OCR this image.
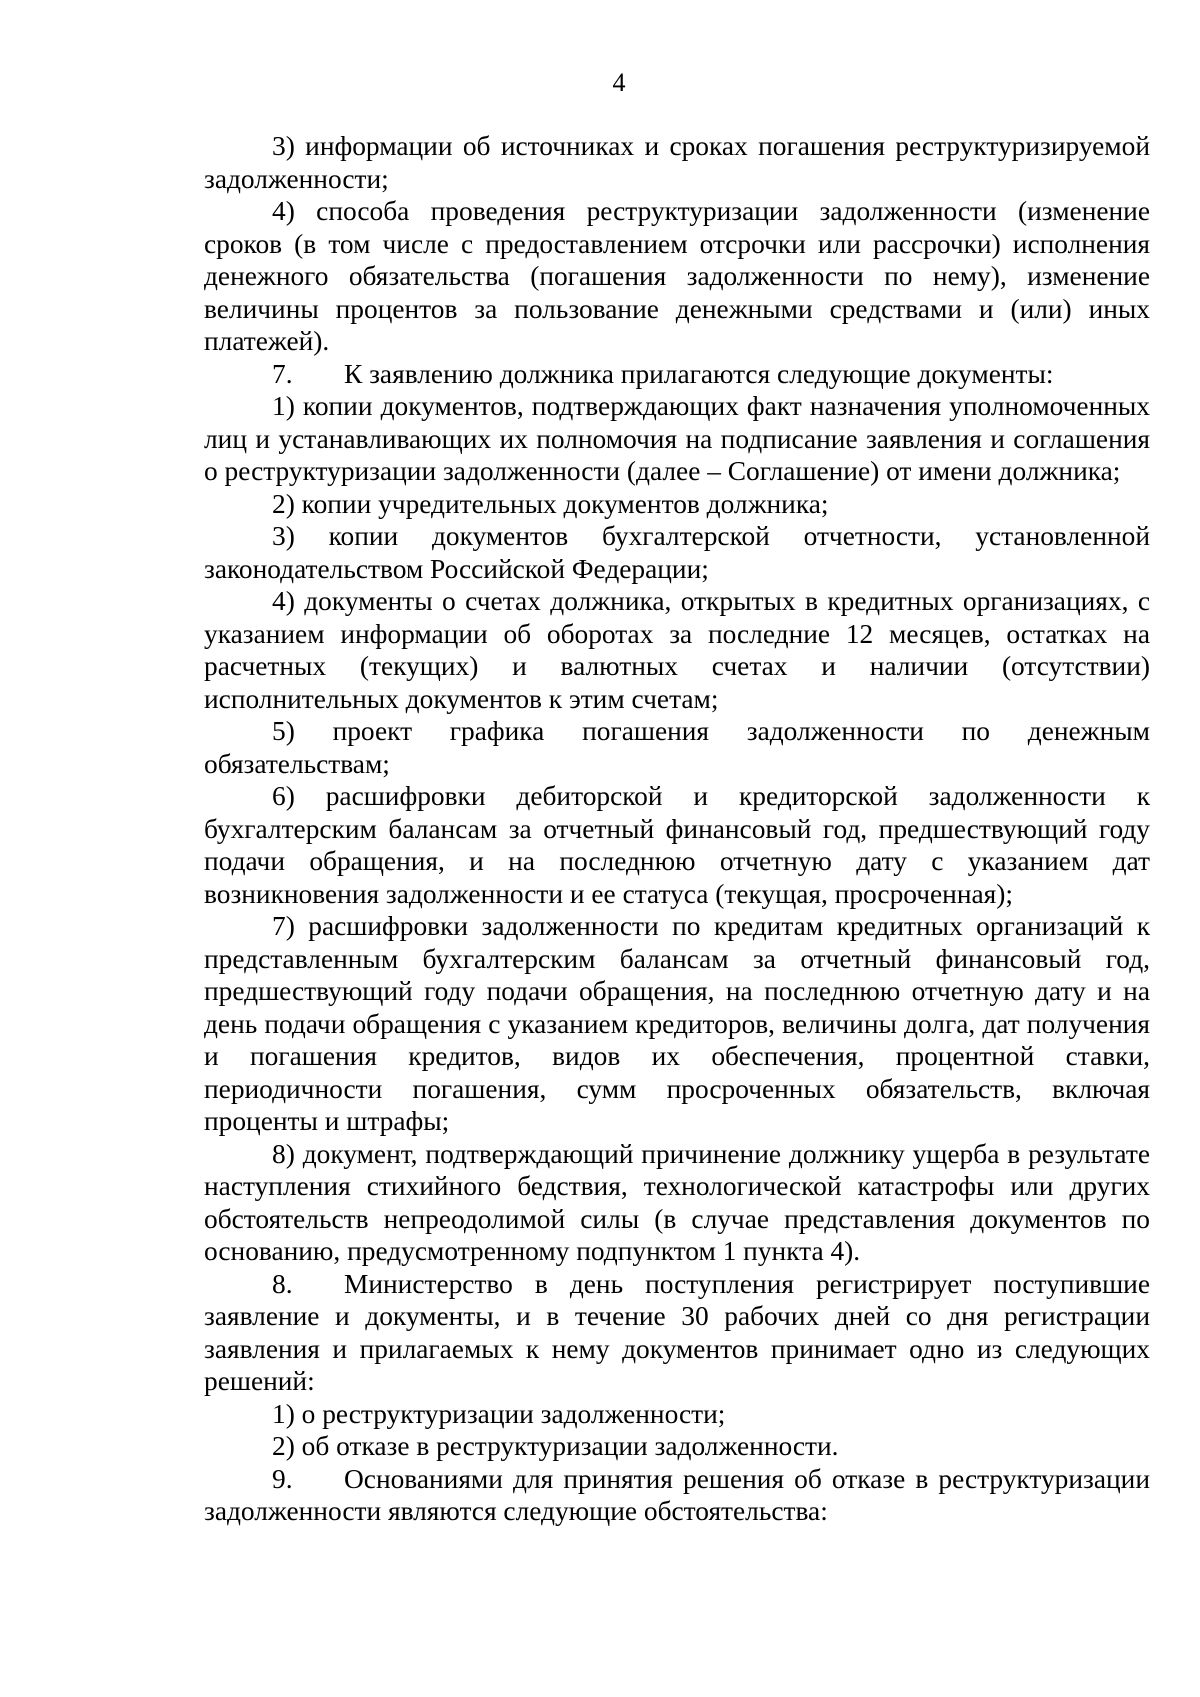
4

3) информации об источниках и сроках погашения реструктуризируемой задолженности;

4) способа проведения реструктуризации задолженности (изменение сроков (в том числе с предоставлением отсрочки или рассрочки) исполнения денежного обязательства (погашения задолженности по нему), изменение величины процентов за пользование денежными средствами и (или) иных платежей).

7. К заявлению должника прилагаются следующие документы:

1) копии документов, подтверждающих факт назначения уполномоченных лиц и устанавливающих их полномочия на подписание заявления и соглашения о реструктуризации задолженности (далее – Соглашение) от имени должника;

2) копии учредительных документов должника;

3) копии документов бухгалтерской отчетности, установленной законодательством Российской Федерации;

4) документы о счетах должника, открытых в кредитных организациях, с указанием информации об оборотах за последние 12 месяцев, остатках на расчетных (текущих) и валютных счетах и наличии (отсутствии) исполнительных документов к этим счетам;

5) проект графика погашения задолженности по денежным обязательствам;

6) расшифровки дебиторской и кредиторской задолженности к бухгалтерским балансам за отчетный финансовый год, предшествующий году подачи обращения, и на последнюю отчетную дату с указанием дат возникновения задолженности и ее статуса (текущая, просроченная);

7) расшифровки задолженности по кредитам кредитных организаций к представленным бухгалтерским балансам за отчетный финансовый год, предшествующий году подачи обращения, на последнюю отчетную дату и на день подачи обращения с указанием кредиторов, величины долга, дат получения и погашения кредитов, видов их обеспечения, процентной ставки, периодичности погашения, сумм просроченных обязательств, включая проценты и штрафы;

8) документ, подтверждающий причинение должнику ущерба в результате наступления стихийного бедствия, технологической катастрофы или других обстоятельств непреодолимой силы (в случае представления документов по основанию, предусмотренному подпунктом 1 пункта 4).

8. Министерство в день поступления регистрирует поступившие заявление и документы, и в течение 30 рабочих дней со дня регистрации заявления и прилагаемых к нему документов принимает одно из следующих решений:

1) о реструктуризации задолженности;

2) об отказе в реструктуризации задолженности.

9. Основаниями для принятия решения об отказе в реструктуризации задолженности являются следующие обстоятельства:
